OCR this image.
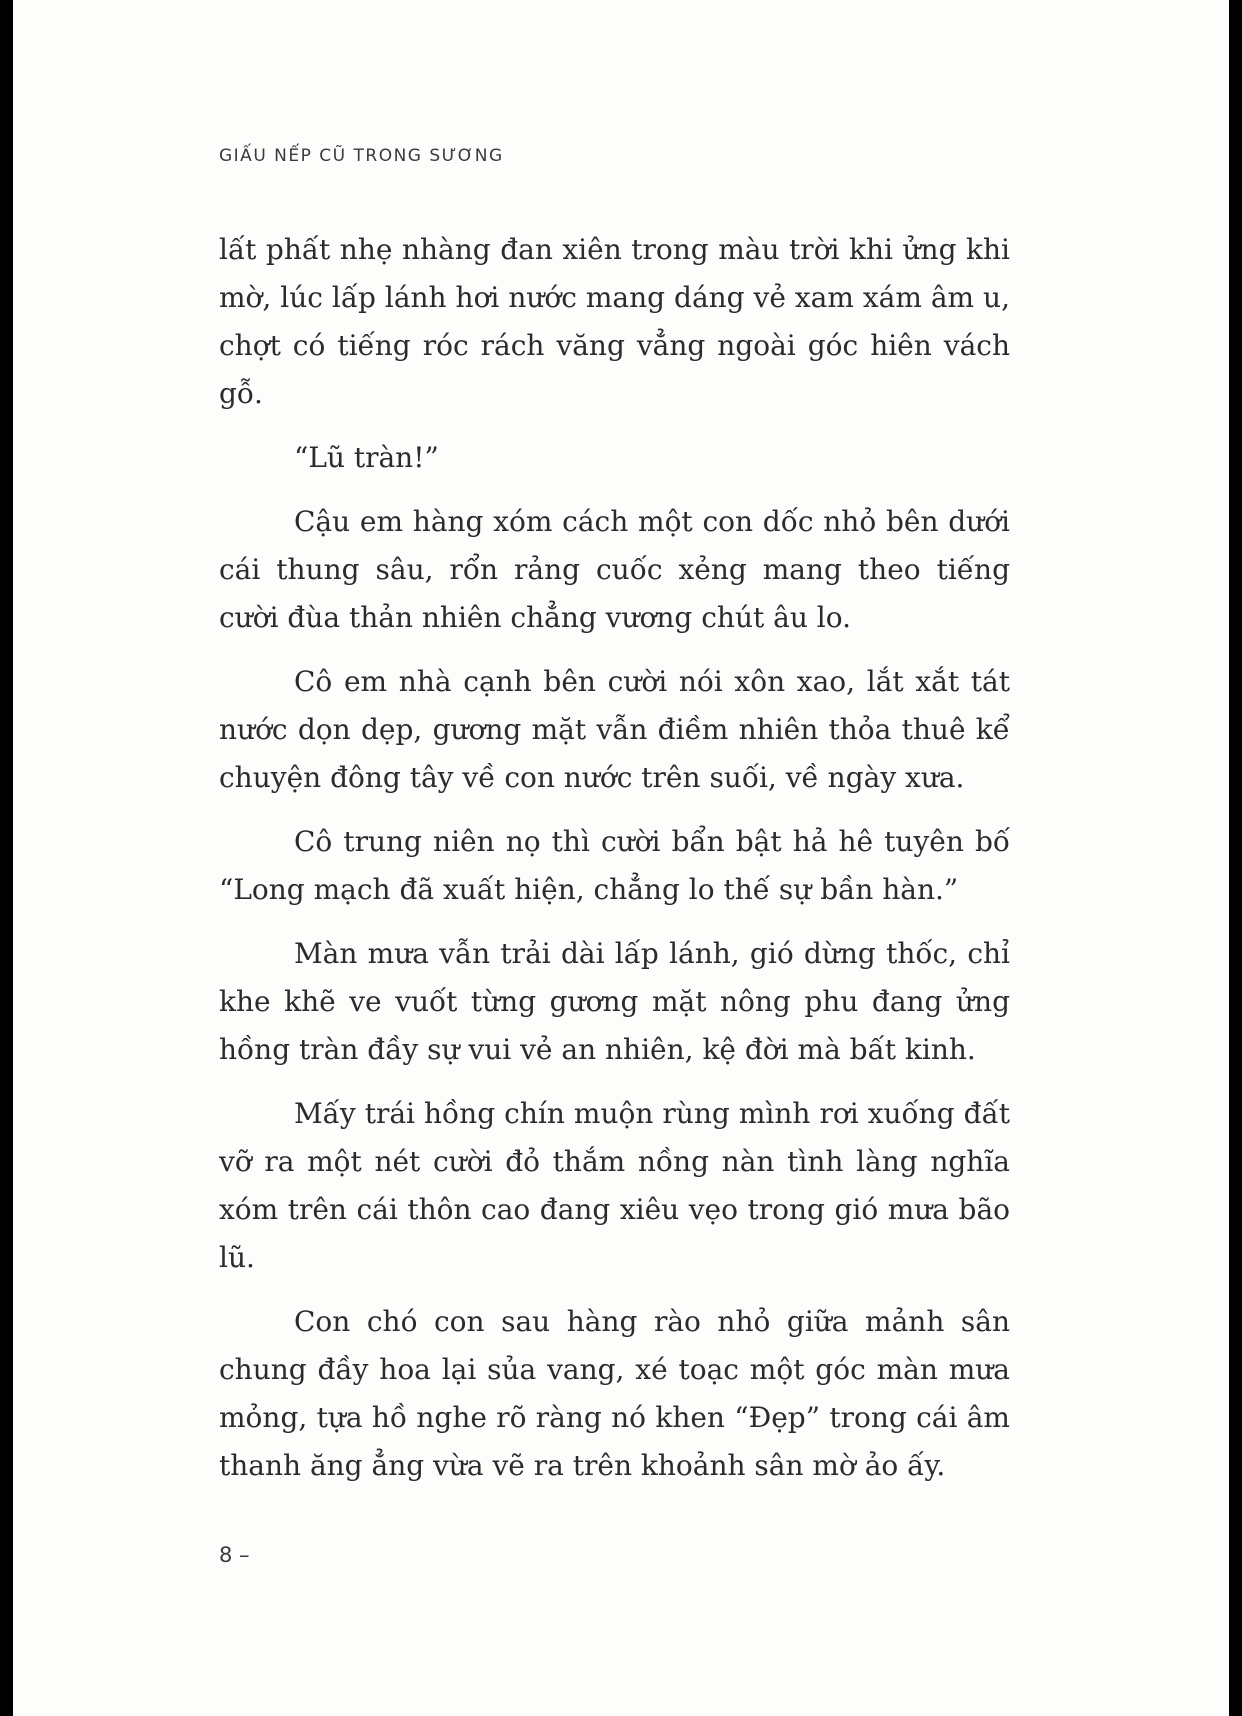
GIẤU NẾP CŨ TRONG SƯƠNG

lất phất nhẹ nhàng đan xiên trong màu trời khi ửng khi mờ, lúc lấp lánh hơi nước mang dáng vẻ xam xám âm u, chợt có tiếng róc rách văng vẳng ngoài góc hiên vách gỗ.

“Lũ tràn!”

Cậu em hàng xóm cách một con dốc nhỏ bên dưới cái thung sâu, rổn rảng cuốc xẻng mang theo tiếng cười đùa thản nhiên chẳng vương chút âu lo.

Cô em nhà cạnh bên cười nói xôn xao, lắt xắt tát nước dọn dẹp, gương mặt vẫn điềm nhiên thỏa thuê kể chuyện đông tây về con nước trên suối, về ngày xưa.

Cô trung niên nọ thì cười bẩn bật hả hê tuyên bố “Long mạch đã xuất hiện, chẳng lo thế sự bần hàn.”

Màn mưa vẫn trải dài lấp lánh, gió dừng thốc, chỉ khe khẽ ve vuốt từng gương mặt nông phu đang ửng hồng tràn đầy sự vui vẻ an nhiên, kệ đời mà bất kinh.

Mấy trái hồng chín muộn rùng mình rơi xuống đất vỡ ra một nét cười đỏ thắm nồng nàn tình làng nghĩa xóm trên cái thôn cao đang xiêu vẹo trong gió mưa bão lũ.

Con chó con sau hàng rào nhỏ giữa mảnh sân chung đầy hoa lại sủa vang, xé toạc một góc màn mưa mỏng, tựa hồ nghe rõ ràng nó khen “Đẹp” trong cái âm thanh ăng ẳng vừa vẽ ra trên khoảnh sân mờ ảo ấy.

8 –
